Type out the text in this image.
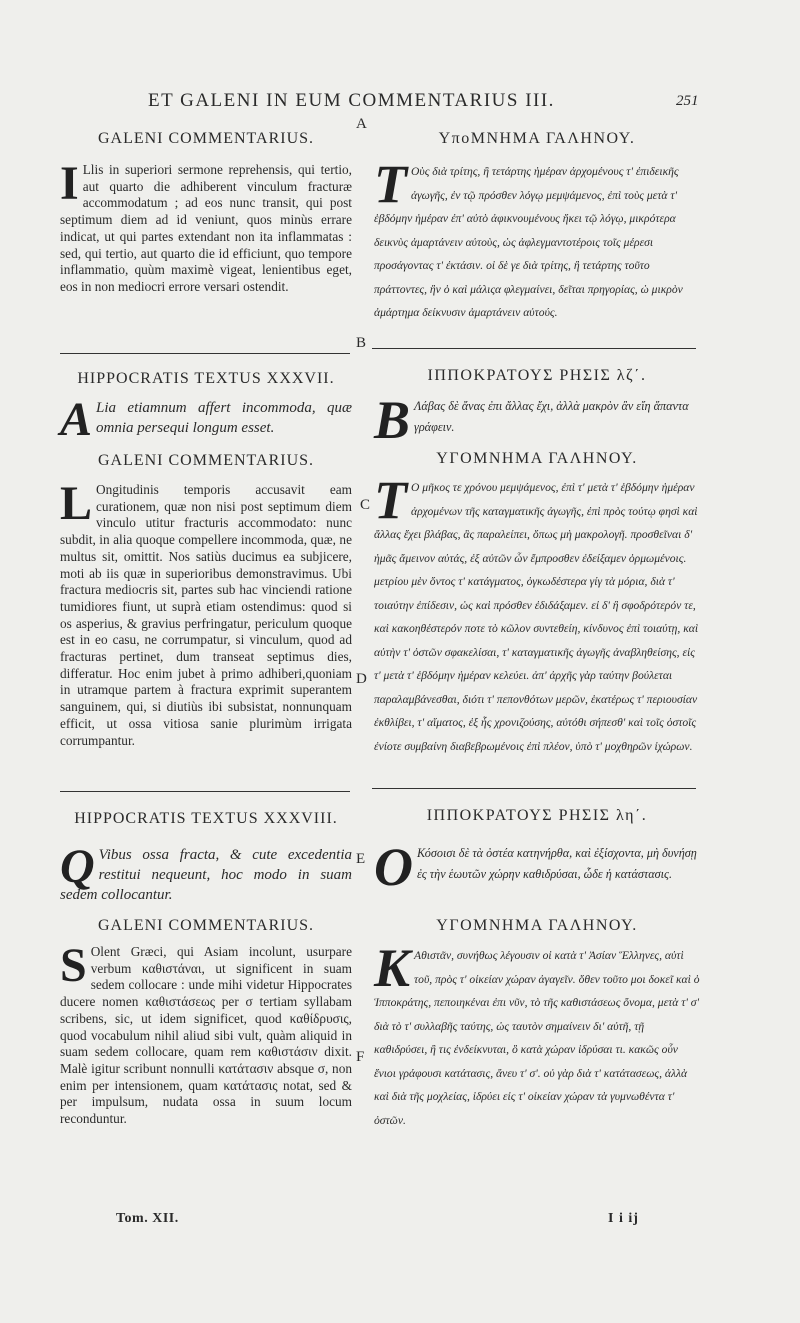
ET GALENI IN EUM COMMENTARIUS III.	251
A
B
C
D
E
F
GALENI COMMENTARIUS.
I Llis in superiori sermone reprehensis, qui tertio, aut quarto die adhiberent vinculum fracturæ accommodatum ; ad eos nunc transit, qui post septimum diem ad id veniunt, quos minùs errare indicat, ut qui partes extendant non ita inflammatas : sed, qui tertio, aut quarto die id efficiunt, quo tempore inflammatio, quùm maximè vigeat, lenientibus eget, eos in non mediocri errore versari ostendit.
ΥποΜΝΗΜΑ ΓΑΛΗΝΟΥ.
Τ Οὺς διὰ τρίτης, ἢ τετάρτης ἡμέραν ἀρχομένους τ' ἐπιδεικῆς ἀγωγῆς, ἐν τῷ πρόσθεν λόγῳ μεμψάμενος, ἐπὶ τοὺς μετὰ τ' ἑβδόμην ἡμέραν ἐπ' αὐτὸ ἀφικνουμένους ἥκει τῷ λόγῳ, μικρότερα δεικνὺς ἁμαρτάνειν αὐτοὺς, ὡς ἀφλεγμαντοτέροις τοῖς μέρεσι προσάγοντας τ' ἐκτάσιν. οἱ δὲ γε διὰ τρίτης, ἢ τετάρτης τοῦτο πράττοντες, ἣν ὁ καὶ μάλιςα φλεγμαίνει, δεῖται πρηγορίας, ὡ μικρὸν ἁμάρτημα δείκνυσιν ἁμαρτάνειν αὐτούς.
HIPPOCRATIS TEXTUS XXXVII.
A Lia etiamnum affert incommoda, quæ omnia persequi longum esset.
ΙΠΠΟΚΡΑΤΟΥΣ ΡΗΣΙΣ λζ΄.
Β Λάβας δὲ ἄνας ἐπι ἄλλας ἔχι, ἀλλὰ μακρὸν ἂν εἴη ἅπαντα γράφειν.
GALENI COMMENTARIUS.
L Ongitudinis temporis accusavit eam curationem, quæ non nisi post septimum diem vinculo utitur fracturis accommodato: nunc subdit, in alia quoque compellere incommoda, quæ, ne multus sit, omittit. Nos satiùs ducimus ea subjicere, moti ab iis quæ in superioribus demonstravimus. Ubi fractura mediocris sit, partes sub hac vinciendi ratione tumidiores fiunt, ut suprà etiam ostendimus: quod si os asperius, & gravius perfringatur, periculum quoque est in eo casu, ne corrumpatur, si vinculum, quod ad fracturas pertinet, dum transeat septimus dies, differatur. Hoc enim jubet à primo adhiberi,quoniam in utramque partem à fractura exprimit superantem sanguinem, qui, si diutiùs ibi subsistat, nonnunquam efficit, ut ossa vitiosa sanie plurimùm irrigata corrumpantur.
ΥΓΟΜΝΗΜΑ ΓΑΛΗΝΟΥ.
Τ Ο μῆκος τε χρόνου μεμψάμενος, ἐπὶ τ' μετὰ τ' ἑβδόμην ἡμέραν ἀρχομένων τῆς καταγματικῆς ἀγωγῆς, ἐπὶ πρὸς τούτῳ φησὶ καὶ ἄλλας ἔχει βλάβας, ἃς παραλείπει, ὅπως μὴ μακρολογῆ. προσθεῖναι δ' ἡμᾶς ἄμεινον αὐτάς, ἐξ αὐτῶν ὧν ἔμπροσθεν ἐδείξαμεν ὁρμωμένοις. μετρίου μὲν ὄντος τ' κατάγματος, ὀγκωδέστερα γίγ τὰ μόρια, διὰ τ' τοιαύτην ἐπίδεσιν, ὡς καὶ πρόσθεν ἐδιδάξαμεν. εἰ δ' ἢ σφοδρότερόν τε, καὶ κακοηθέστερόν ποτε τὸ κῶλον συντεθείη, κίνδυνος ἐπὶ τοιαύτῃ, καὶ αὐτὴν τ' ὀστῶν σφακελίσαι, τ' καταγματικῆς ἀγωγῆς ἀναβληθείσης, εἰς τ' μετὰ τ' ἑβδόμην ἡμέραν κελεύει. ἀπ' ἀρχῆς γὰρ ταύτην βούλεται παραλαμβάνεσθαι, διότι τ' πεπονθότων μερῶν, ἑκατέρως τ' περιουσίαν ἐκθλίβει, τ' αἵματος, ἐξ ἧς χρονιζούσης, αὐτόθι σήπεσθ' καὶ τοῖς ὀστοῖς ἐνίοτε συμβαίνη διαβεβρωμένοις ἐπὶ πλέον, ὑπὸ τ' μοχθηρῶν ἰχώρων.
HIPPOCRATIS TEXTUS XXXVIII.
Q Vibus ossa fracta, & cute excedentia restitui nequeunt, hoc modo in suam sedem collocantur.
ΙΠΠΟΚΡΑΤΟΥΣ ΡΗΣΙΣ λη΄.
Ο Κόσοισι δὲ τὰ ὀστέα κατηνήρθα, καὶ ἐξίσχοντα, μὴ δυνήσῃ ἐς τὴν ἑωυτῶν χώρην καθιδρύσαι, ὧδε ἡ κατάστασις.
GALENI COMMENTARIUS.
S Olent Græci, qui Asiam incolunt, usurpare verbum καθιστάναι, ut significent in suam sedem collocare : unde mihi videtur Hippocrates ducere nomen καθιστάσεως per σ tertiam syllabam scribens, sic, ut idem significet, quod καθίδρυσις, quod vocabulum nihil aliud sibi vult, quàm aliquid in suam sedem collocare, quam rem καθιστάσιν dixit. Malè igitur scribunt nonnulli κατάτασιν absque σ, non enim per intensionem, quam κατάτασις notat, sed & per impulsum, nudata ossa in suum locum reconduntur.
ΥΓΟΜΝΗΜΑ ΓΑΛΗΝΟΥ.
Κ Αθιστᾶν, συνήθως λέγουσιν οἱ κατὰ τ' Ἀσίαν Ἕλληνες, αὐτὶ τοῦ, πρὸς τ' οἰκείαν χώραν ἀγαγεῖν. ὅθεν τοῦτο μοι δοκεῖ καὶ ὁ Ἱπποκράτης, πεποιηκέναι ἐπι νῦν, τὸ τῆς καθιστάσεως ὄνομα, μετὰ τ' σ' διὰ τὸ τ' συλλαβῆς ταύτης, ὡς ταυτὸν σημαίνειν δι' αὐτῆ, τῇ καθιδρύσει, ἢ τις ἐνδείκνυται, ὃ κατὰ χώραν ἱδρύσαι τι. κακῶς οὖν ἔνιοι γράφουσι κατάτασις, ἄνευ τ' σ'. οὐ γὰρ διὰ τ' κατάτασεως, ἀλλὰ καὶ διὰ τῆς μοχλείας, ἱδρύει εἰς τ' οἰκείαν χώραν τὰ γυμνωθέντα τ' ὀστῶν.
Tom. XII.	I i ij
